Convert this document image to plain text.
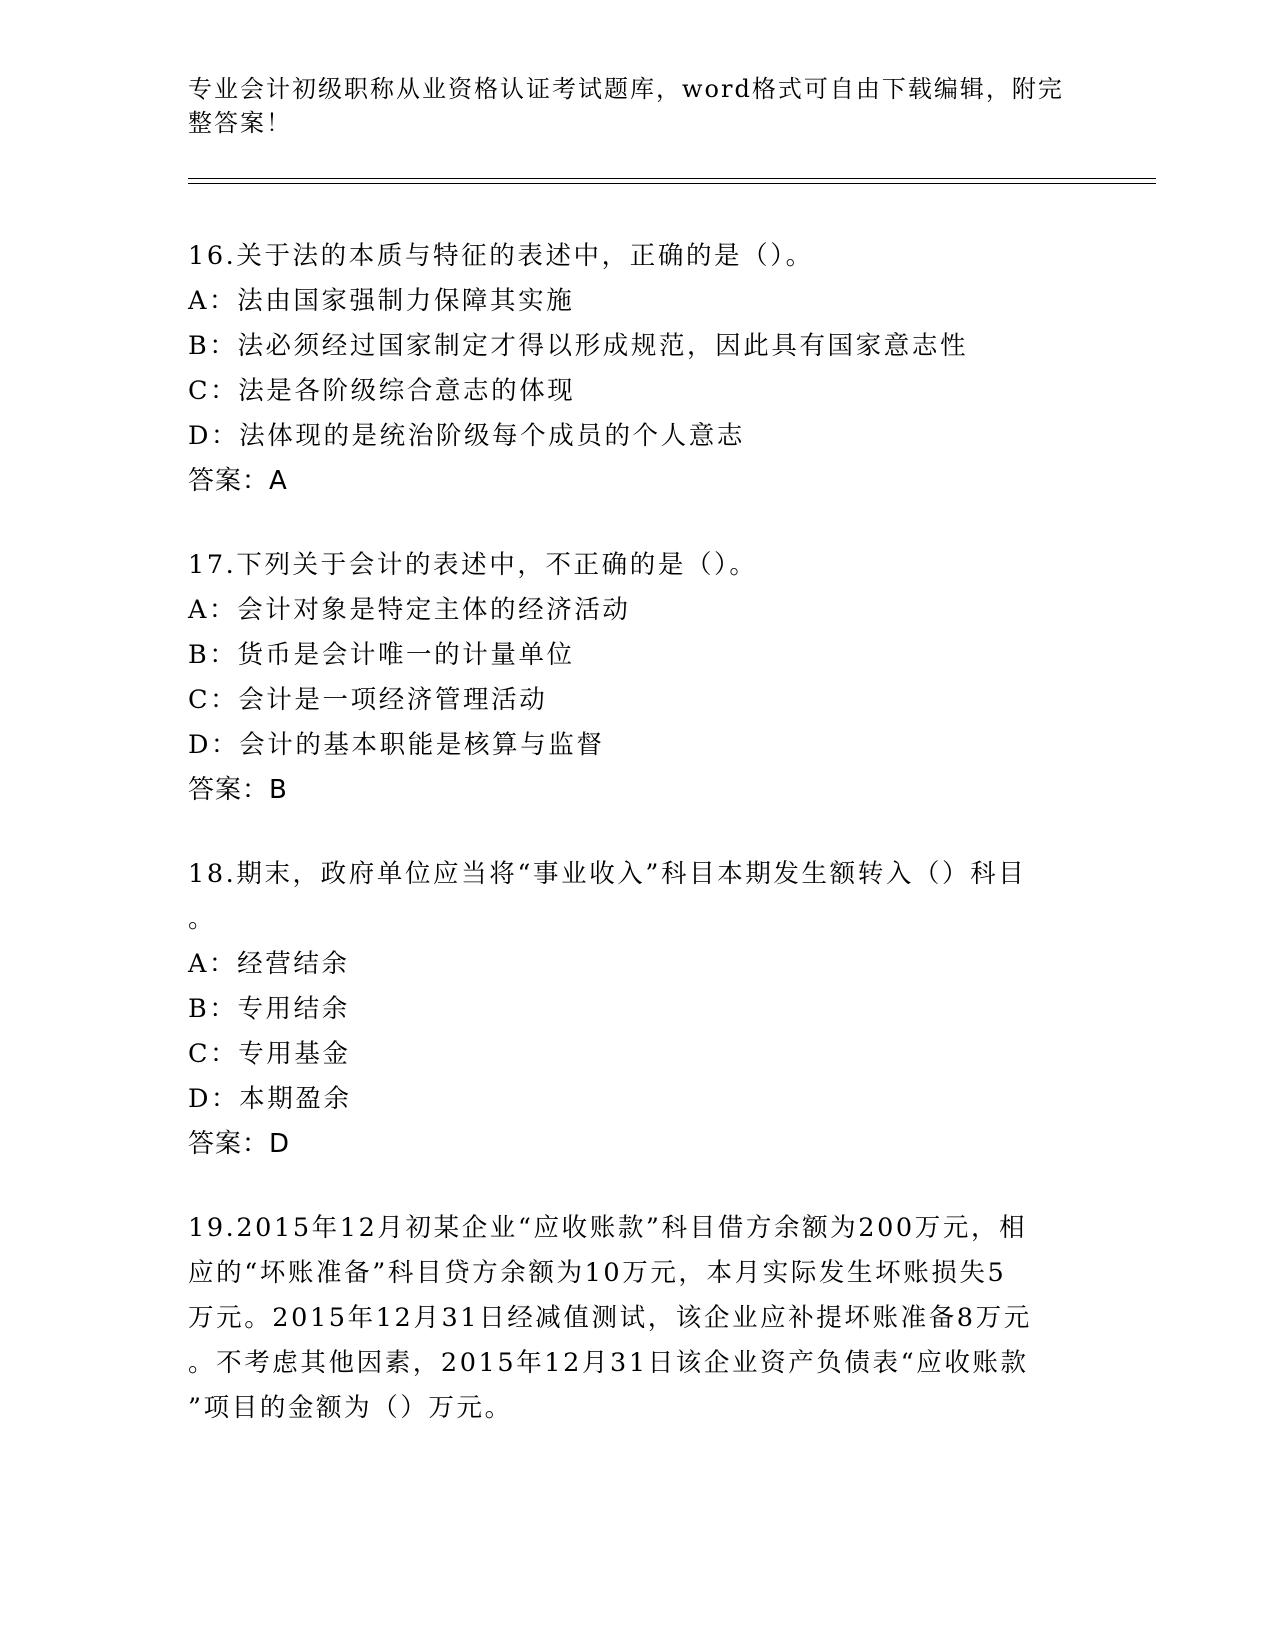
专业会计初级职称从业资格认证考试题库，word格式可自由下载编辑，附完整答案！

16.关于法的本质与特征的表述中，正确的是（）。

A：法由国家强制力保障其实施

B：法必须经过国家制定才得以形成规范，因此具有国家意志性

C：法是各阶级综合意志的体现

D：法体现的是统治阶级每个成员的个人意志

答案：A

17.下列关于会计的表述中，不正确的是（）。

A：会计对象是特定主体的经济活动

B：货币是会计唯一的计量单位

C：会计是一项经济管理活动

D：会计的基本职能是核算与监督

答案：B

18.期末，政府单位应当将“事业收入”科目本期发生额转入（）科目
。

A：经营结余

B：专用结余

C：专用基金

D：本期盈余

答案：D

19.2015年12月初某企业“应收账款”科目借方余额为200万元，相
应的“坏账准备”科目贷方余额为10万元，本月实际发生坏账损失5
万元。2015年12月31日经减值测试，该企业应补提坏账准备8万元
。不考虑其他因素，2015年12月31日该企业资产负债表“应收账款
”项目的金额为（）万元。
